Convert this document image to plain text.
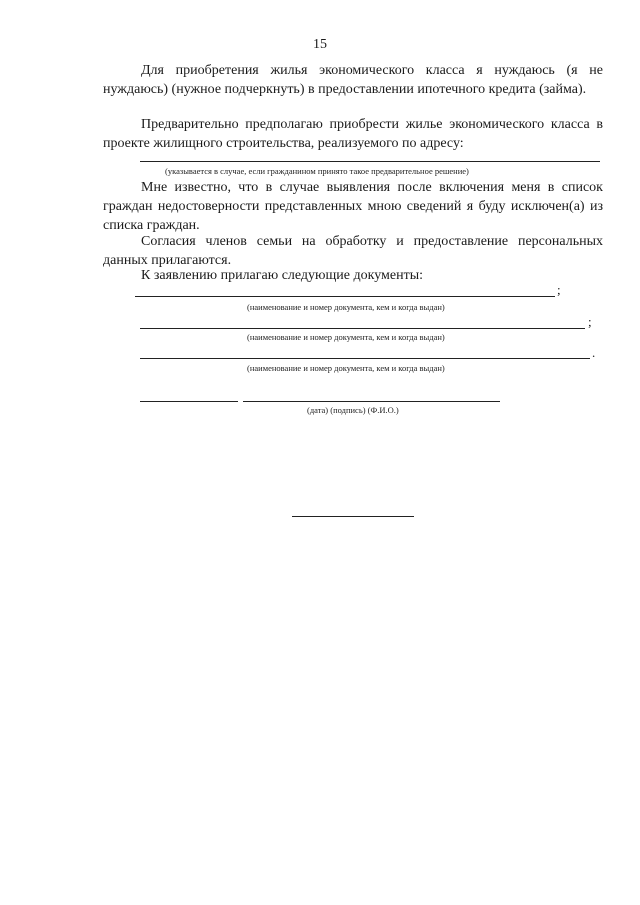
15

Для приобретения жилья экономического класса я нуждаюсь (я не нуждаюсь) (нужное подчеркнуть) в предоставлении ипотечного кредита (займа).

Предварительно предполагаю приобрести жилье экономического класса в проекте жилищного строительства, реализуемого по адресу:

(указывается в случае, если гражданином принято такое предварительное решение)

Мне известно, что в случае выявления после включения меня в список граждан недостоверности представленных мною сведений я буду исключен(а) из списка граждан.

Согласия членов семьи на обработку и предоставление персональных данных прилагаются.

К заявлению прилагаю следующие документы:

;
(наименование и номер документа, кем и когда выдан)
;
(наименование и номер документа, кем и когда выдан)
.
(наименование и номер документа, кем и когда выдан)
(дата) (подпись) (Ф.И.О.)
